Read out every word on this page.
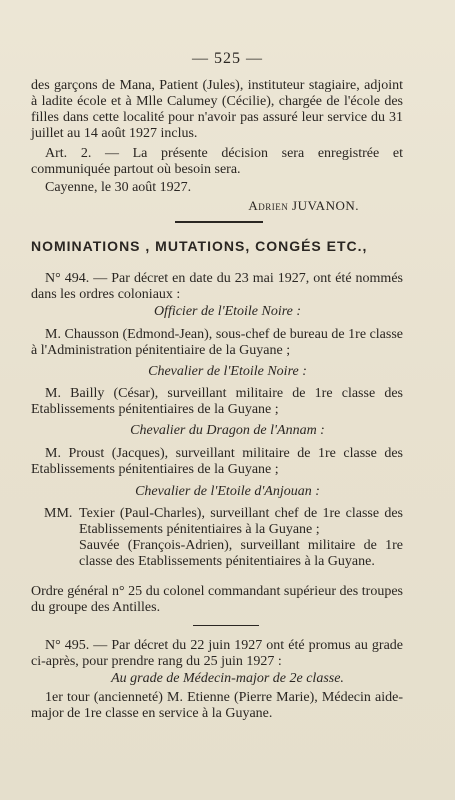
— 525 —
des garçons de Mana, Patient (Jules), instituteur stagiaire, adjoint à ladite école et à Mlle Calumey (Cécilie), chargée de l'école des filles dans cette localité pour n'avoir pas assuré leur service du 31 juillet au 14 août 1927 inclus.
Art. 2. — La présente décision sera enregistrée et communiquée partout où besoin sera.
Cayenne, le 30 août 1927.
Adrien JUVANON.
NOMINATIONS , MUTATIONS, CONGÉS ETC.,
N° 494. — Par décret en date du 23 mai 1927, ont été nommés dans les ordres coloniaux :
Officier de l'Etoile Noire :
M. Chausson (Edmond-Jean), sous-chef de bureau de 1re classe à l'Administration pénitentiaire de la Guyane ;
Chevalier de l'Etoile Noire :
M. Bailly (César), surveillant militaire de 1re classe des Etablissements pénitentiaires de la Guyane ;
Chevalier du Dragon de l'Annam :
M. Proust (Jacques), surveillant militaire de 1re classe des Etablissements pénitentiaires de la Guyane ;
Chevalier de l'Etoile d'Anjouan :
MM. Texier (Paul-Charles), surveillant chef de 1re classe des Etablissements pénitentiaires à la Guyane ;
Sauvée (François-Adrien), surveillant militaire de 1re classe des Etablissements pénitentiaires à la Guyane.
Ordre général n° 25 du colonel commandant supérieur des troupes du groupe des Antilles.
N° 495. — Par décret du 22 juin 1927 ont été promus au grade ci-après, pour prendre rang du 25 juin 1927 :
Au grade de Médecin-major de 2e classe.
1er tour (ancienneté) M. Etienne (Pierre Marie), Médecin aide-major de 1re classe en service à la Guyane.
